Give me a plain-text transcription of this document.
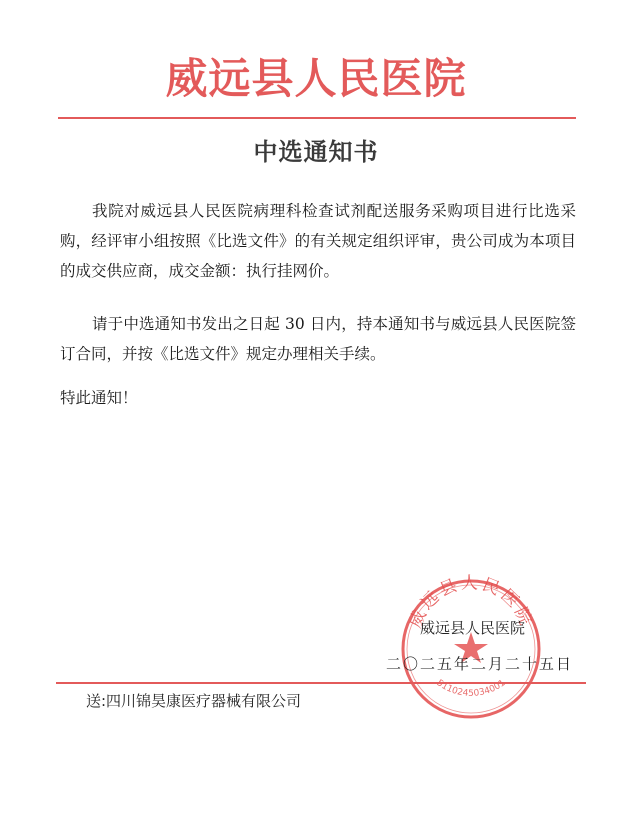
威远县人民医院
中选通知书

我院对威远县人民医院病理科检查试剂配送服务采购项目进行比选采购，经评审小组按照《比选文件》的有关规定组织评审，贵公司成为本项目的成交供应商，成交金额：执行挂网价。

请于中选通知书发出之日起 30 日内，持本通知书与威远县人民医院签订合同，并按《比选文件》规定办理相关手续。

特此通知！

威远县人民医院
5110245034001
威远县人民医院
二〇二五年二月二十五日
送:四川锦昊康医疗器械有限公司
